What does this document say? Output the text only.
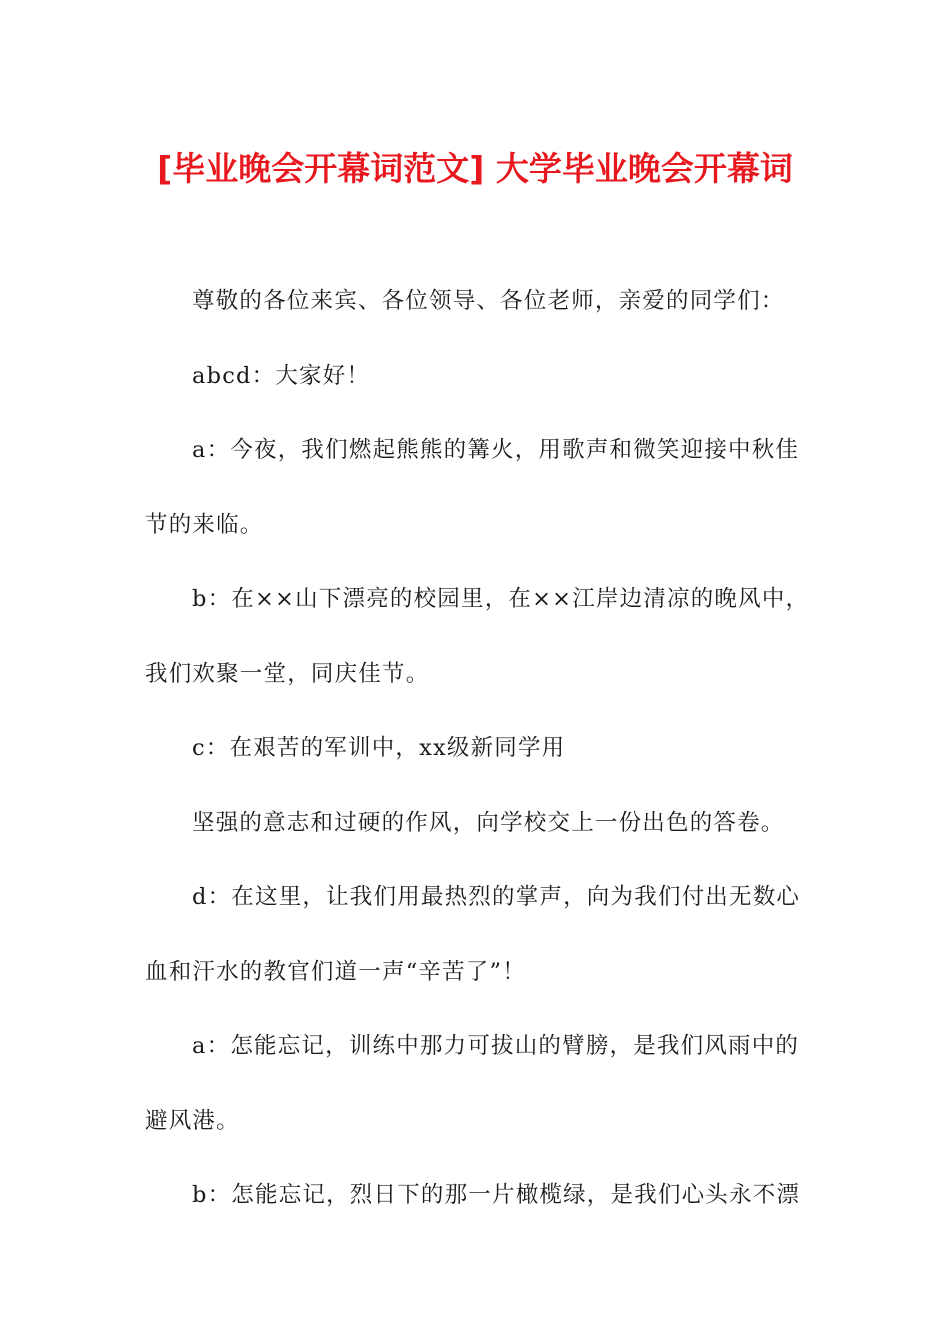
[毕业晚会开幕词范文] 大学毕业晚会开幕词

尊敬的各位来宾、各位领导、各位老师，亲爱的同学们：

abcd：大家好！

a：今夜，我们燃起熊熊的篝火，用歌声和微笑迎接中秋佳

节的来临。

b：在××山下漂亮的校园里，在××江岸边清凉的晚风中，

我们欢聚一堂，同庆佳节。

c：在艰苦的军训中，xx级新同学用

坚强的意志和过硬的作风，向学校交上一份出色的答卷。

d：在这里，让我们用最热烈的掌声，向为我们付出无数心

血和汗水的教官们道一声“辛苦了”！

a：怎能忘记，训练中那力可拔山的臂膀，是我们风雨中的

避风港。

b：怎能忘记，烈日下的那一片橄榄绿，是我们心头永不漂
